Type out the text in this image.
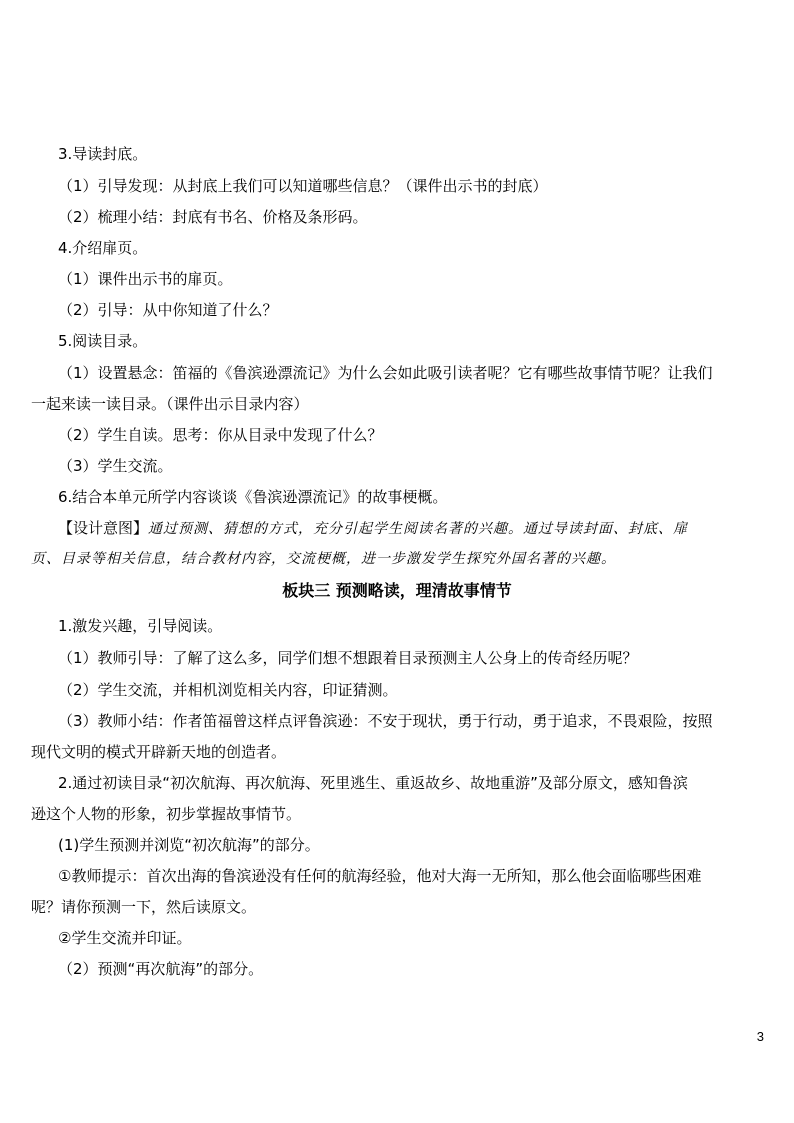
3.导读封底。
（1）引导发现：从封底上我们可以知道哪些信息？（课件出示书的封底）
（2）梳理小结：封底有书名、价格及条形码。
4.介绍扉页。
（1）课件出示书的扉页。
（2）引导：从中你知道了什么？
5.阅读目录。
（1）设置悬念：笛福的《鲁滨逊漂流记》为什么会如此吸引读者呢？它有哪些故事情节呢？让我们
一起来读一读目录。（课件出示目录内容）
（2）学生自读。思考：你从目录中发现了什么？
（3）学生交流。
6.结合本单元所学内容谈谈《鲁滨逊漂流记》的故事梗概。
【设计意图】通过预测、猜想的方式，充分引起学生阅读名著的兴趣。通过导读封面、封底、扉
页、目录等相关信息，结合教材内容，交流梗概，进一步激发学生探究外国名著的兴趣。
板块三 预测略读，理清故事情节
1.激发兴趣，引导阅读。
（1）教师引导：了解了这么多，同学们想不想跟着目录预测主人公身上的传奇经历呢？
（2）学生交流，并相机浏览相关内容，印证猜测。
（3）教师小结：作者笛福曾这样点评鲁滨逊：不安于现状，勇于行动，勇于追求，不畏艰险，按照
现代文明的模式开辟新天地的创造者。
2.通过初读目录“初次航海、再次航海、死里逃生、重返故乡、故地重游”及部分原文，感知鲁滨
逊这个人物的形象，初步掌握故事情节。
(1)学生预测并浏览“初次航海”的部分。
①教师提示：首次出海的鲁滨逊没有任何的航海经验，他对大海一无所知，那么他会面临哪些困难
呢？请你预测一下，然后读原文。
②学生交流并印证。
（2）预测“再次航海”的部分。
3
